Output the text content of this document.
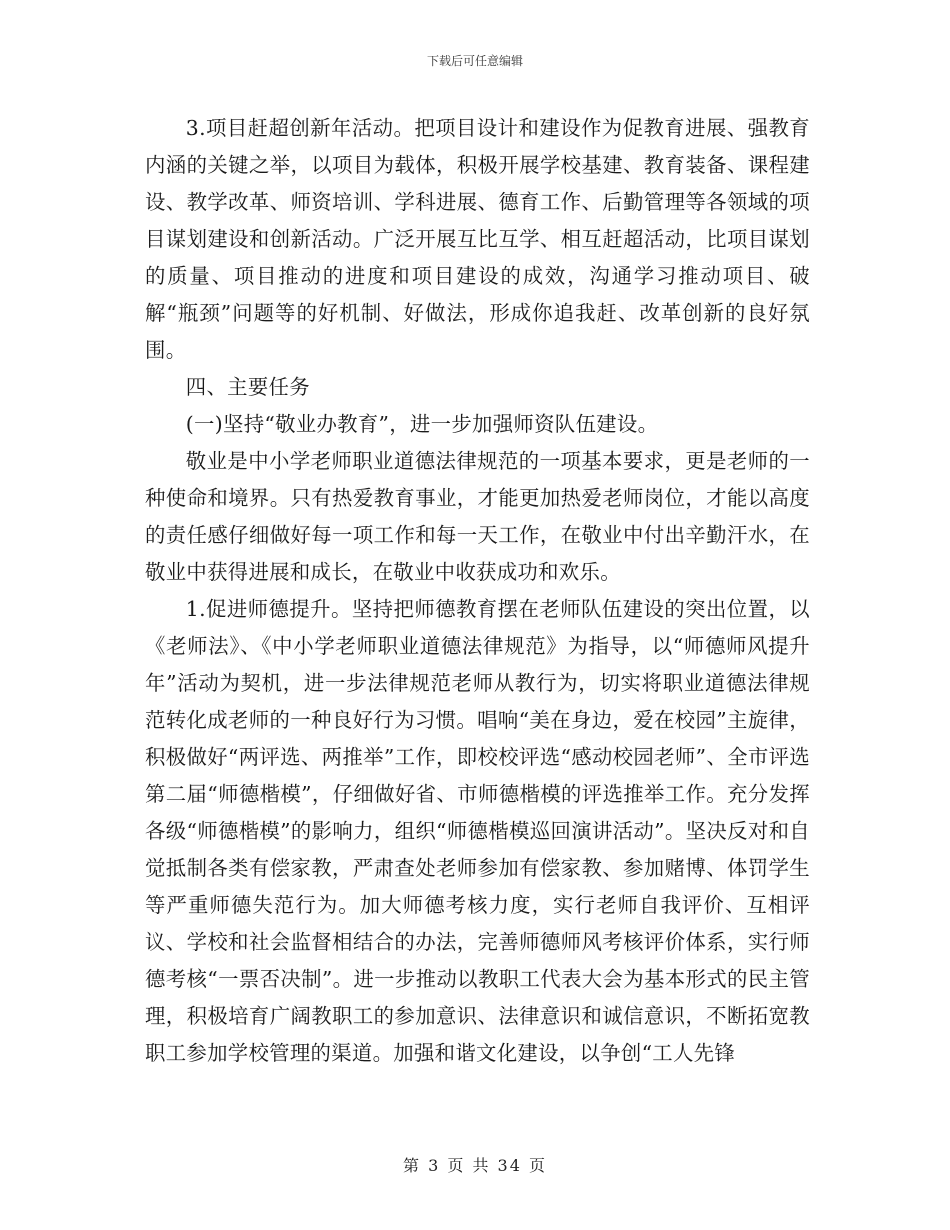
下载后可任意编辑

3.项目赶超创新年活动。把项目设计和建设作为促教育进展、强教育内涵的关键之举，以项目为载体，积极开展学校基建、教育装备、课程建设、教学改革、师资培训、学科进展、德育工作、后勤管理等各领域的项目谋划建设和创新活动。广泛开展互比互学、相互赶超活动，比项目谋划的质量、项目推动的进度和项目建设的成效，沟通学习推动项目、破解“瓶颈”问题等的好机制、好做法，形成你追我赶、改革创新的良好氛围。

四、主要任务

(一)坚持“敬业办教育”，进一步加强师资队伍建设。

敬业是中小学老师职业道德法律规范的一项基本要求，更是老师的一种使命和境界。只有热爱教育事业，才能更加热爱老师岗位，才能以高度的责任感仔细做好每一项工作和每一天工作，在敬业中付出辛勤汗水，在敬业中获得进展和成长，在敬业中收获成功和欢乐。

1.促进师德提升。坚持把师德教育摆在老师队伍建设的突出位置，以《老师法》、《中小学老师职业道德法律规范》为指导，以“师德师风提升年”活动为契机，进一步法律规范老师从教行为，切实将职业道德法律规范转化成老师的一种良好行为习惯。唱响“美在身边，爱在校园”主旋律，积极做好“两评选、两推举”工作，即校校评选“感动校园老师”、全市评选第二届“师德楷模”，仔细做好省、市师德楷模的评选推举工作。充分发挥各级“师德楷模”的影响力，组织“师德楷模巡回演讲活动”。坚决反对和自觉抵制各类有偿家教，严肃查处老师参加有偿家教、参加赌博、体罚学生等严重师德失范行为。加大师德考核力度，实行老师自我评价、互相评议、学校和社会监督相结合的办法，完善师德师风考核评价体系，实行师德考核“一票否决制”。进一步推动以教职工代表大会为基本形式的民主管理，积极培育广阔教职工的参加意识、法律意识和诚信意识，不断拓宽教职工参加学校管理的渠道。加强和谐文化建设，以争创“工人先锋

第 3 页 共 34 页
